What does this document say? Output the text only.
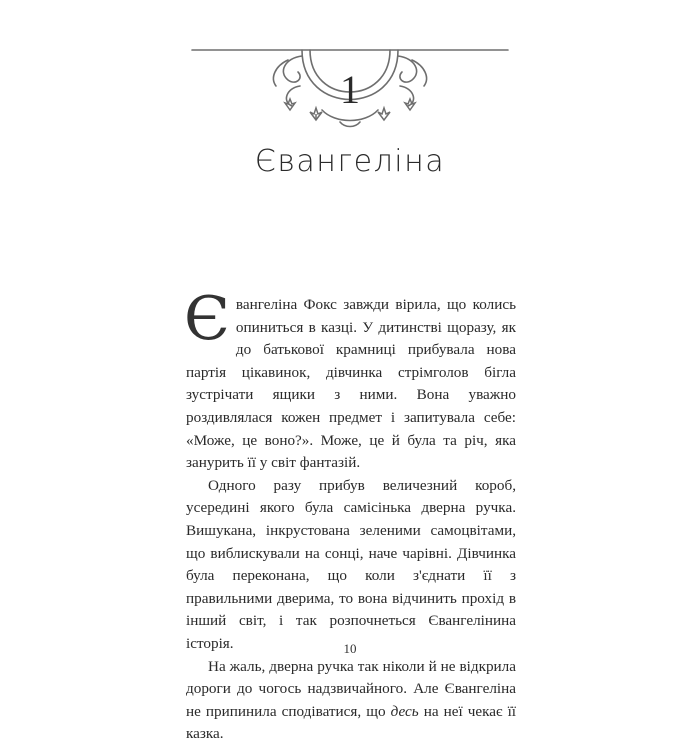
1
Євангеліна

Євангеліна Фокс завжди вірила, що колись опиниться в казці. У дитинстві щоразу, як до батькової крамниці прибувала нова партія цікавинок, дівчинка стрімголов бігла зустрічати ящики з ними. Вона уважно роздивлялася кожен предмет і запитувала себе: «Може, це воно?». Може, це й була та річ, яка занурить її у світ фантазій.

Одного разу прибув величезний короб, усередині якого була самісінька дверна ручка. Вишукана, інкрустована зеленими самоцвітами, що виблискували на сонці, наче чарівні. Дівчинка була переконана, що коли з'єднати її з правильними дверима, то вона відчинить прохід в інший світ, і так розпочнеться Євангелінина історія.

На жаль, дверна ручка так ніколи й не відкрила дороги до чогось надзвичайного. Але Євангеліна не припинила сподіватися, що десь на неї чекає її казка.

10
